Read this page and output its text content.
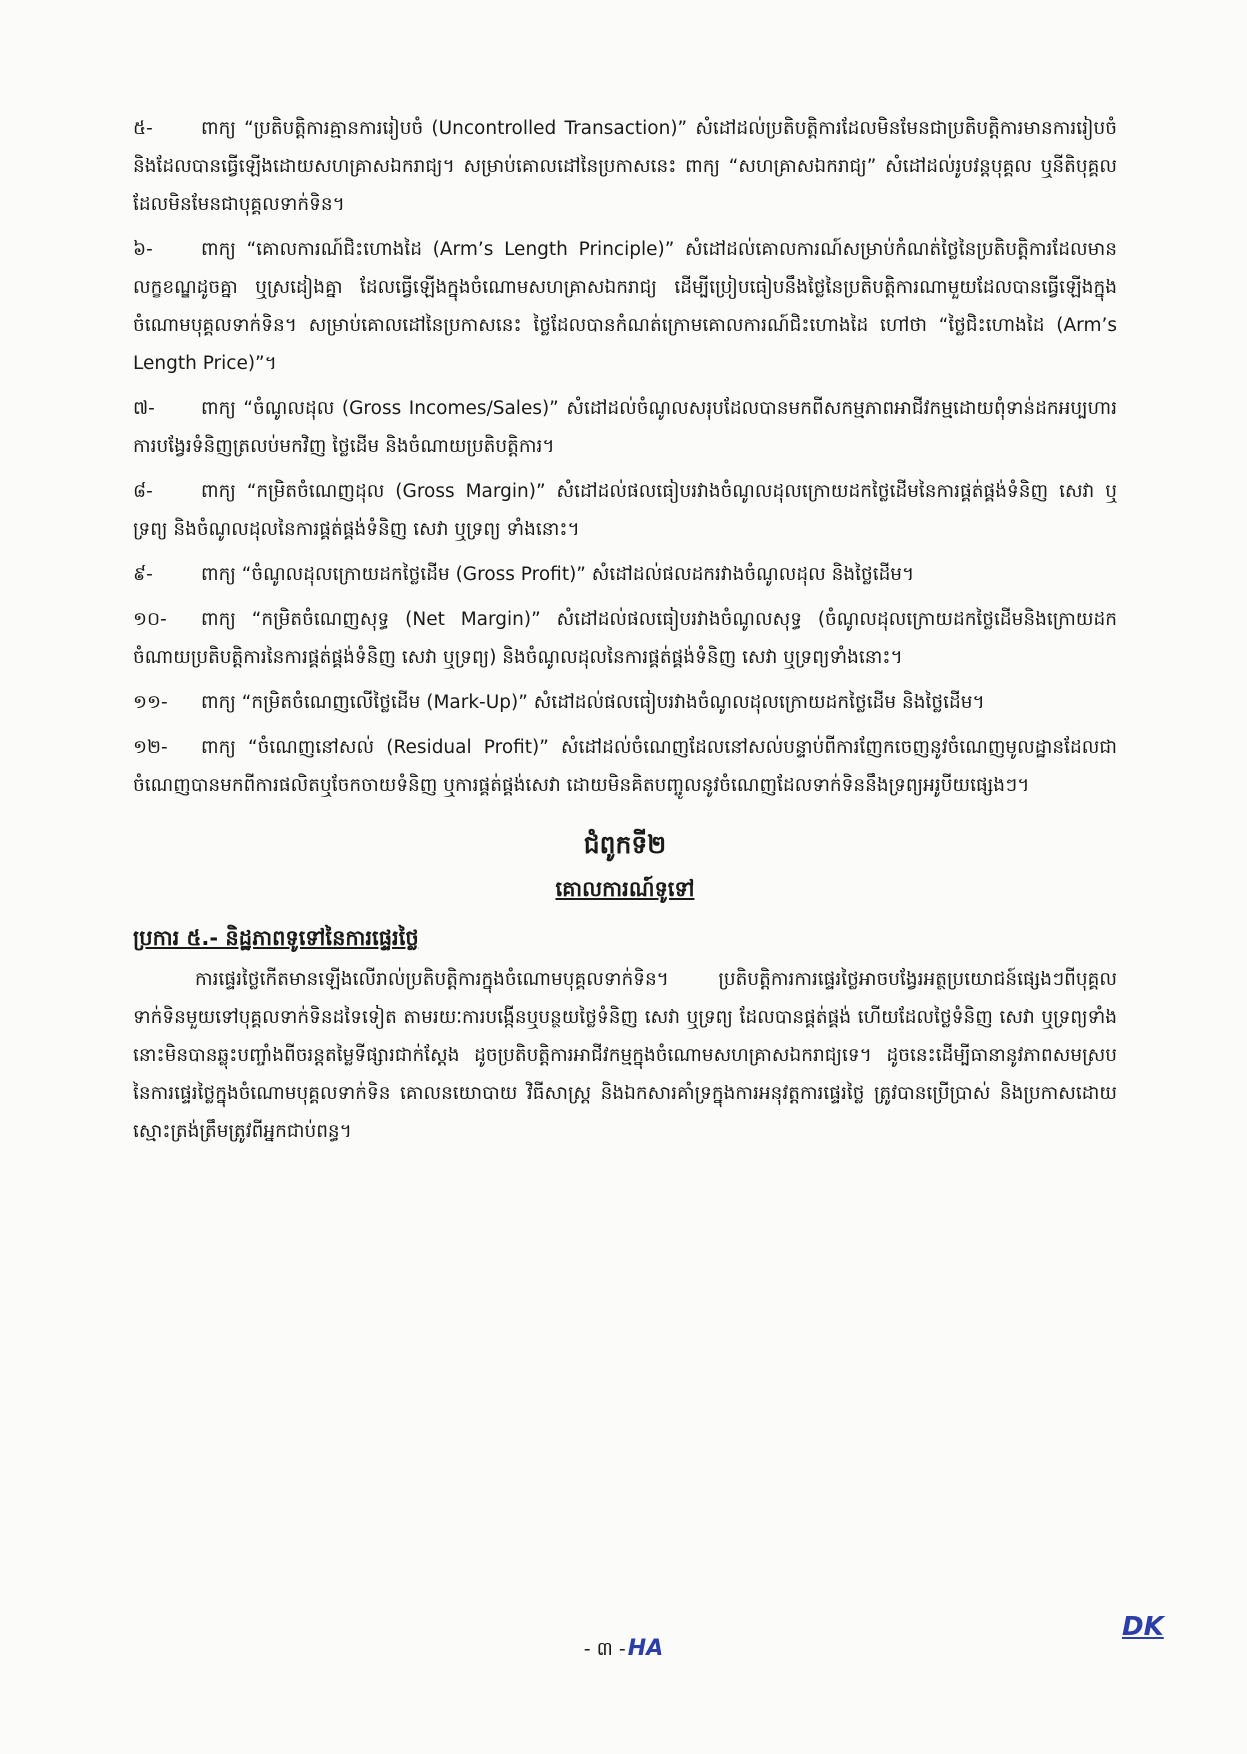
៥-	ពាក្យ “ប្រតិបត្តិការគ្មានការរៀបចំ (Uncontrolled Transaction)” សំដៅដល់ប្រតិបត្តិការដែលមិនមែនជាប្រតិបត្តិការមានការរៀបចំ និងដែលបានធ្វើឡើងដោយសហគ្រាសឯករាជ្យ។ សម្រាប់គោលដៅនៃប្រកាសនេះ ពាក្យ “សហគ្រាសឯករាជ្យ” សំដៅដល់រូបវន្តបុគ្គល ឬនីតិបុគ្គលដែលមិនមែនជាបុគ្គលទាក់ទិន។

៦-	ពាក្យ “គោលការណ៍ជិះហោងដៃ (Arm’s Length Principle)” សំដៅដល់គោលការណ៍សម្រាប់កំណត់ថ្លៃនៃប្រតិបត្តិការដែលមានលក្ខខណ្ឌដូចគ្នា ឬស្រដៀងគ្នា ដែលធ្វើឡើងក្នុងចំណោមសហគ្រាសឯករាជ្យ ដើម្បីប្រៀបធៀបនឹងថ្លៃនៃប្រតិបត្តិការណាមួយដែលបានធ្វើឡើងក្នុងចំណោមបុគ្គលទាក់ទិន។ សម្រាប់គោលដៅនៃប្រកាសនេះ ថ្លៃដែលបានកំណត់ក្រោមគោលការណ៍ជិះហោងដៃ ហៅថា “ថ្លៃជិះហោងដៃ (Arm’s Length Price)”។

៧- ពាក្យ “ចំណូលដុល (Gross Incomes/Sales)” សំដៅដល់ចំណូលសរុបដែលបានមកពីសកម្មភាពអាជីវកម្មដោយពុំទាន់ដកអប្បហារ ការបង្វែរទំនិញត្រលប់មកវិញ ថ្លៃដើម និងចំណាយប្រតិបត្តិការ។

៨-	ពាក្យ “កម្រិតចំណេញដុល (Gross Margin)” សំដៅដល់ផលធៀបរវាងចំណូលដុលក្រោយដកថ្លៃដើមនៃការផ្គត់ផ្គង់ទំនិញ សេវា ឬទ្រព្យ និងចំណូលដុលនៃការផ្គត់ផ្គង់ទំនិញ សេវា ឬទ្រព្យ ទាំងនោះ។

៩-	ពាក្យ “ចំណូលដុលក្រោយដកថ្លៃដើម (Gross Profit)” សំដៅដល់ផលដករវាងចំណូលដុល និងថ្លៃដើម។

១០- ពាក្យ “កម្រិតចំណេញសុទ្ធ (Net Margin)” សំដៅដល់ផលធៀបរវាងចំណូលសុទ្ធ (ចំណូលដុលក្រោយដកថ្លៃដើមនិងក្រោយដកចំណាយប្រតិបត្តិការនៃការផ្គត់ផ្គង់ទំនិញ សេវា ឬទ្រព្យ) និងចំណូលដុលនៃការផ្គត់ផ្គង់ទំនិញ សេវា ឬទ្រព្យទាំងនោះ។

១១- ពាក្យ “កម្រិតចំណេញលើថ្លៃដើម (Mark-Up)” សំដៅដល់ផលធៀបរវាងចំណូលដុលក្រោយដកថ្លៃដើម និងថ្លៃដើម។

១២- ពាក្យ “ចំណេញនៅសល់ (Residual Profit)” សំដៅដល់ចំណេញដែលនៅសល់បន្ទាប់ពីការញែកចេញនូវចំណេញមូលដ្ឋានដែលជាចំណេញបានមកពីការផលិតឬចែកចាយទំនិញ ឬការផ្គត់ផ្គង់សេវា ដោយមិនគិតបញ្ចូលនូវចំណេញដែលទាក់ទិននឹងទ្រព្យអរូបីយផ្សេងៗ។

ជំពូកទី២
គោលការណ៍ទូទៅ
ប្រការ ៥.- និដ្ឋភាពទូទៅនៃការផ្ទេរថ្លៃ

ការផ្ទេរថ្លៃកើតមានឡើងលើរាល់ប្រតិបត្តិការក្នុងចំណោមបុគ្គលទាក់ទិន។ ប្រតិបត្តិការការផ្ទេរថ្លៃអាចបង្វែរអត្ថប្រយោជន៍ផ្សេងៗពីបុគ្គលទាក់ទិនមួយទៅបុគ្គលទាក់ទិនដទៃទៀត តាមរយៈការបង្កើនឬបន្ថយថ្លៃទំនិញ សេវា ឬទ្រព្យ ដែលបានផ្គត់ផ្គង់ ហើយដែលថ្លៃទំនិញ សេវា ឬទ្រព្យទាំងនោះមិនបានឆ្លុះបញ្ចាំងពីចរន្តតម្លៃទីផ្សារជាក់ស្តែង ដូចប្រតិបត្តិការអាជីវកម្មក្នុងចំណោមសហគ្រាសឯករាជ្យទេ។ ដូចនេះដើម្បីធានានូវភាពសមស្របនៃការផ្ទេរថ្លៃក្នុងចំណោមបុគ្គលទាក់ទិន គោលនយោបាយ វិធីសាស្ត្រ និងឯកសារគាំទ្រក្នុងការអនុវត្តការផ្ទេរថ្លៃ ត្រូវបានប្រើប្រាស់ និងប្រកាសដោយស្មោះត្រង់ត្រឹមត្រូវពីអ្នកជាប់ពន្ធ។

- ៣ -HA
DK
